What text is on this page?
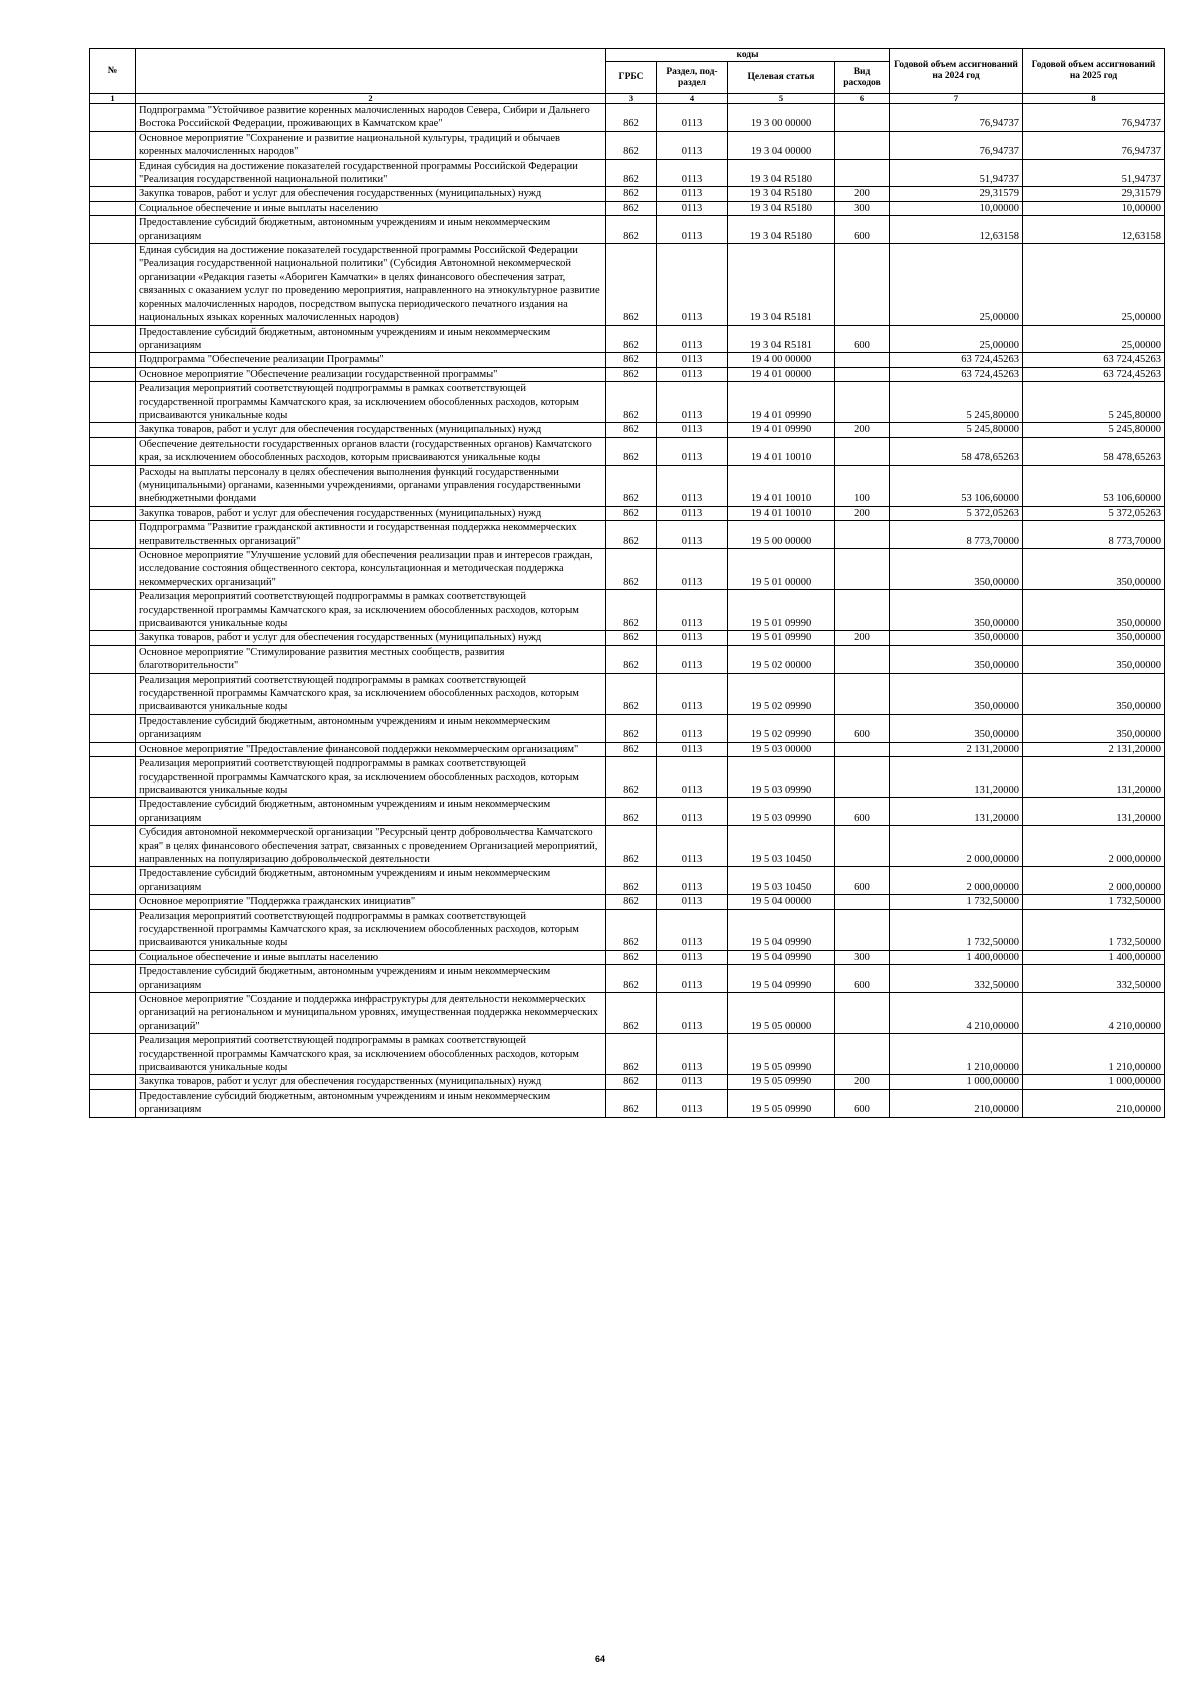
№		коды				Годовой объем ассигнований на 2024 год	Годовой объем ассигнований на 2025 год
		ГРБС	Раздел, под-раздел	Целевая статья	Вид расходов		
1	2	3	4	5	6	7	8
	Подпрограмма "Устойчивое развитие коренных малочисленных народов Севера, Сибири и Дальнего Востока Российской Федерации, проживающих в Камчатском крае"	862	0113	19 3 00 00000		76,94737	76,94737
	Основное мероприятие "Сохранение и развитие национальной культуры, традиций и обычаев коренных малочисленных народов"	862	0113	19 3 04 00000		76,94737	76,94737
	Единая субсидия на достижение показателей государственной программы Российской Федерации "Реализация государственной национальной политики"	862	0113	19 3 04 R5180		51,94737	51,94737
	Закупка товаров, работ и услуг для обеспечения государственных (муниципальных) нужд	862	0113	19 3 04 R5180	200	29,31579	29,31579
	Социальное обеспечение и иные выплаты населению	862	0113	19 3 04 R5180	300	10,00000	10,00000
	Предоставление субсидий бюджетным, автономным учреждениям и иным некоммерческим организациям	862	0113	19 3 04 R5180	600	12,63158	12,63158
	Единая субсидия на достижение показателей государственной программы Российской Федерации "Реализация государственной национальной политики" (Субсидия Автономной некоммерческой организации «Редакция газеты «Абориген Камчатки» в целях финансового обеспечения затрат, связанных с оказанием услуг по проведению мероприятия, направленного на этнокультурное развитие коренных малочисленных народов, посредством выпуска периодического печатного издания на национальных языках коренных малочисленных народов)	862	0113	19 3 04 R5181		25,00000	25,00000
	Предоставление субсидий бюджетным, автономным учреждениям и иным некоммерческим организациям	862	0113	19 3 04 R5181	600	25,00000	25,00000
	Подпрограмма "Обеспечение реализации Программы"	862	0113	19 4 00 00000		63 724,45263	63 724,45263
	Основное мероприятие "Обеспечение реализации государственной программы"	862	0113	19 4 01 00000		63 724,45263	63 724,45263
	Реализация мероприятий соответствующей подпрограммы в рамках соответствующей государственной программы Камчатского края, за исключением обособленных расходов, которым присваиваются уникальные коды	862	0113	19 4 01 09990		5 245,80000	5 245,80000
	Закупка товаров, работ и услуг для обеспечения государственных (муниципальных) нужд	862	0113	19 4 01 09990	200	5 245,80000	5 245,80000
	Обеспечение деятельности государственных органов власти (государственных органов) Камчатского края, за исключением обособленных расходов, которым присваиваются уникальные коды	862	0113	19 4 01 10010		58 478,65263	58 478,65263
	Расходы на выплаты персоналу в целях обеспечения выполнения функций государственными (муниципальными) органами, казенными учреждениями, органами управления государственными внебюджетными фондами	862	0113	19 4 01 10010	100	53 106,60000	53 106,60000
	Закупка товаров, работ и услуг для обеспечения государственных (муниципальных) нужд	862	0113	19 4 01 10010	200	5 372,05263	5 372,05263
	Подпрограмма "Развитие гражданской активности и государственная поддержка некоммерческих неправительственных организаций"	862	0113	19 5 00 00000		8 773,70000	8 773,70000
	Основное мероприятие "Улучшение условий для обеспечения реализации прав и интересов граждан, исследование состояния общественного сектора, консультационная и методическая поддержка некоммерческих организаций"	862	0113	19 5 01 00000		350,00000	350,00000
	Реализация мероприятий соответствующей подпрограммы в рамках соответствующей государственной программы Камчатского края, за исключением обособленных расходов, которым присваиваются уникальные коды	862	0113	19 5 01 09990		350,00000	350,00000
	Закупка товаров, работ и услуг для обеспечения государственных (муниципальных) нужд	862	0113	19 5 01 09990	200	350,00000	350,00000
	Основное мероприятие "Стимулирование развития местных сообществ, развития благотворительности"	862	0113	19 5 02 00000		350,00000	350,00000
	Реализация мероприятий соответствующей подпрограммы в рамках соответствующей государственной программы Камчатского края, за исключением обособленных расходов, которым присваиваются уникальные коды	862	0113	19 5 02 09990		350,00000	350,00000
	Предоставление субсидий бюджетным, автономным учреждениям и иным некоммерческим организациям	862	0113	19 5 02 09990	600	350,00000	350,00000
	Основное мероприятие "Предоставление финансовой поддержки некоммерческим организациям"	862	0113	19 5 03 00000		2 131,20000	2 131,20000
	Реализация мероприятий соответствующей подпрограммы в рамках соответствующей государственной программы Камчатского края, за исключением обособленных расходов, которым присваиваются уникальные коды	862	0113	19 5 03 09990		131,20000	131,20000
	Предоставление субсидий бюджетным, автономным учреждениям и иным некоммерческим организациям	862	0113	19 5 03 09990	600	131,20000	131,20000
	Субсидия автономной некоммерческой организации "Ресурсный центр добровольчества Камчатского края" в целях финансового обеспечения затрат, связанных с проведением Организацией мероприятий, направленных на популяризацию добровольческой деятельности	862	0113	19 5 03 10450		2 000,00000	2 000,00000
	Предоставление субсидий бюджетным, автономным учреждениям и иным некоммерческим организациям	862	0113	19 5 03 10450	600	2 000,00000	2 000,00000
	Основное мероприятие "Поддержка гражданских инициатив"	862	0113	19 5 04 00000		1 732,50000	1 732,50000
	Реализация мероприятий соответствующей подпрограммы в рамках соответствующей государственной программы Камчатского края, за исключением обособленных расходов, которым присваиваются уникальные коды	862	0113	19 5 04 09990		1 732,50000	1 732,50000
	Социальное обеспечение и иные выплаты населению	862	0113	19 5 04 09990	300	1 400,00000	1 400,00000
	Предоставление субсидий бюджетным, автономным учреждениям и иным некоммерческим организациям	862	0113	19 5 04 09990	600	332,50000	332,50000
	Основное мероприятие "Создание и поддержка инфраструктуры для деятельности некоммерческих организаций на региональном и муниципальном уровнях, имущественная поддержка некоммерческих организаций"	862	0113	19 5 05 00000		4 210,00000	4 210,00000
	Реализация мероприятий соответствующей подпрограммы в рамках соответствующей государственной программы Камчатского края, за исключением обособленных расходов, которым присваиваются уникальные коды	862	0113	19 5 05 09990		1 210,00000	1 210,00000
	Закупка товаров, работ и услуг для обеспечения государственных (муниципальных) нужд	862	0113	19 5 05 09990	200	1 000,00000	1 000,00000
	Предоставление субсидий бюджетным, автономным учреждениям и иным некоммерческим организациям	862	0113	19 5 05 09990	600	210,00000	210,00000
64
